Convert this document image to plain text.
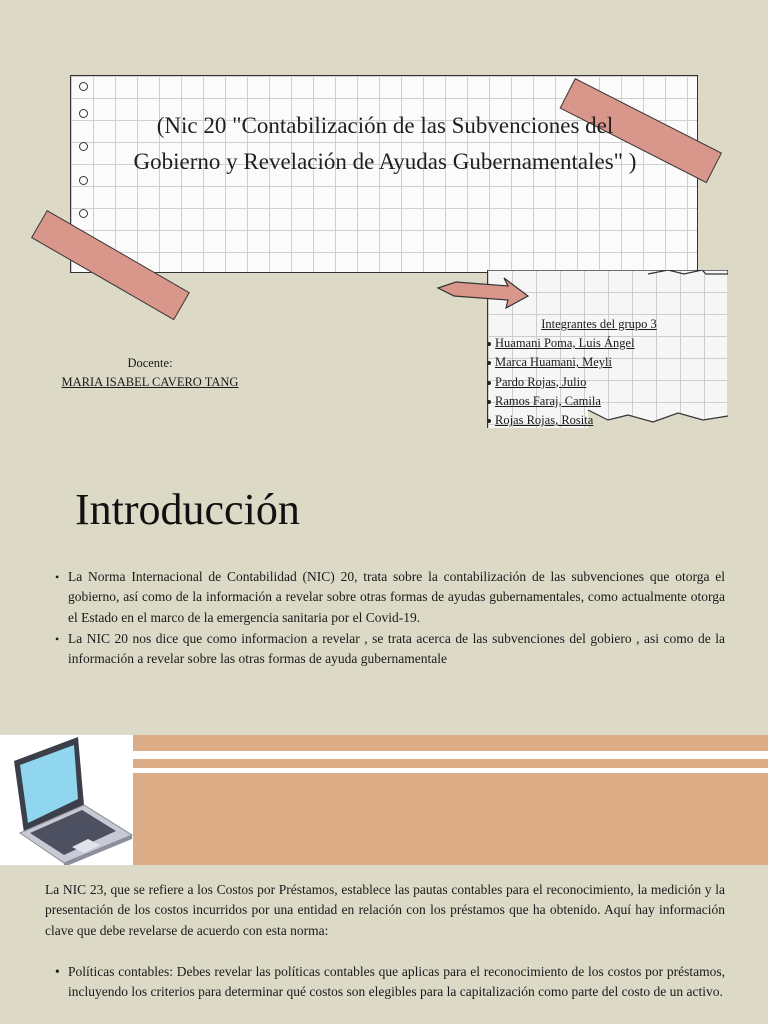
(Nic 20 "Contabilización de las Subvenciones del Gobierno y Revelación de Ayudas Gubernamentales" )
Integrantes del grupo 3
Huamani Poma, Luis Ángel
Marca Huamani, Meyli
Pardo Rojas, Julio
Ramos Faraj, Camila
Rojas Rojas, Rosita
Docente:
MARIA ISABEL CAVERO TANG
Introducción
• La Norma Internacional de Contabilidad (NIC) 20, trata sobre la contabilización de las subvenciones que otorga el gobierno, así como de la información a revelar sobre otras formas de ayudas gubernamentales, como actualmente otorga el Estado en el marco de la emergencia sanitaria por el Covid-19.
• La NIC 20 nos dice que como informacion a revelar , se trata acerca de las subvenciones del gobiero , asi como de la información a revelar sobre las otras formas de ayuda gubernamentale
La NIC 23, que se refiere a los Costos por Préstamos, establece las pautas contables para el reconocimiento, la medición y la presentación de los costos incurridos por una entidad en relación con los préstamos que ha obtenido. Aquí hay información clave que debe revelarse de acuerdo con esta norma:
• Políticas contables: Debes revelar las políticas contables que aplicas para el reconocimiento de los costos por préstamos, incluyendo los criterios para determinar qué costos son elegibles para la capitalización como parte del costo de un activo.
